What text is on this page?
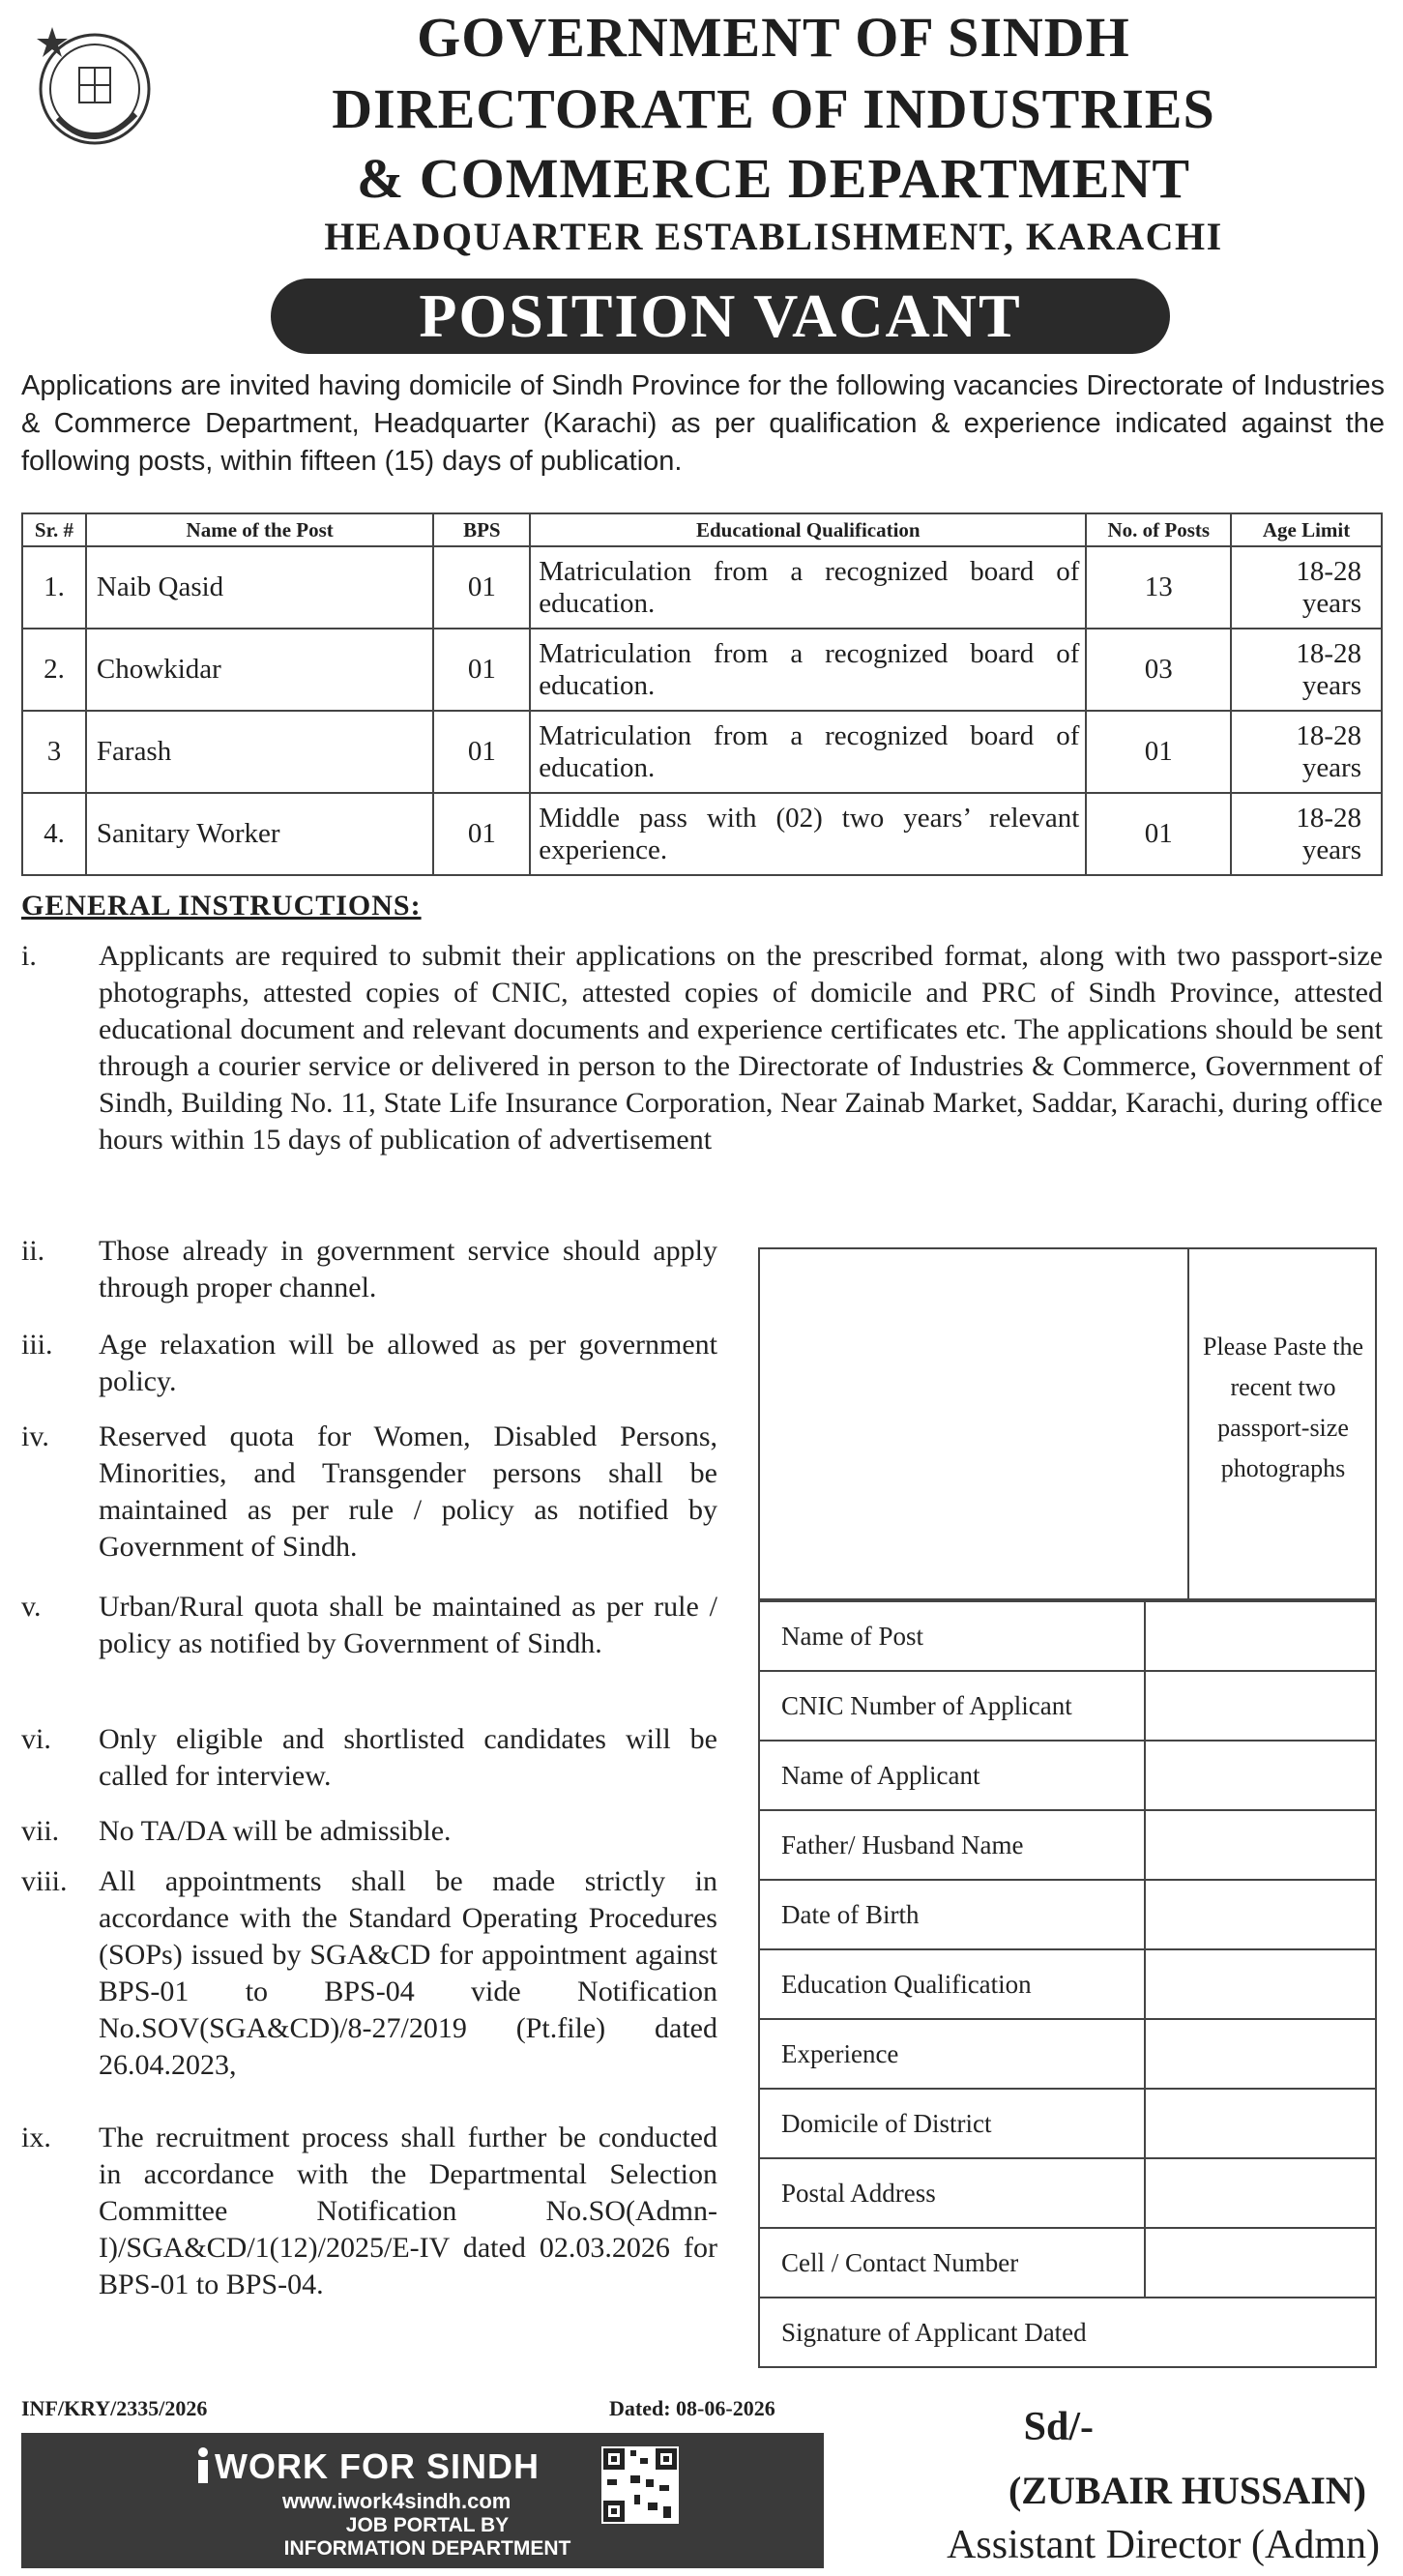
GOVERNMENT OF SINDH
DIRECTORATE OF INDUSTRIES
& COMMERCE DEPARTMENT
HEADQUARTER ESTABLISHMENT, KARACHI
POSITION VACANT
Applications are invited having domicile of Sindh Province for the following vacancies Directorate of Industries & Commerce Department, Headquarter (Karachi) as per qualification & experience indicated against the following posts, within fifteen (15) days of publication.
Sr. #	Name of the Post	BPS	Educational Qualification	No. of Posts	Age Limit
1.	Naib Qasid	01	Matriculation from a recognized board of education.	13	18-28
years

2.	Chowkidar	01	Matriculation from a recognized board of education.	03	18-28
years

3	Farash	01	Matriculation from a recognized board of education.	01	18-28
years

4.	Sanitary Worker	01	Middle pass with (02) two years’ relevant experience.	01	18-28
years
GENERAL INSTRUCTIONS:
i.	Applicants are required to submit their applications on the prescribed format, along with two passport-size photographs, attested copies of CNIC, attested copies of domicile and PRC of Sindh Province, attested educational document and relevant documents and experience certificates etc. The applications should be sent through a courier service or delivered in person to the Directorate of Industries & Commerce, Government of Sindh, Building No. 11, State Life Insurance Corporation, Near Zainab Market, Saddar, Karachi, during office hours within 15 days of publication of advertisement
ii.	Those already in government service should apply through proper channel.
iii.	Age relaxation will be allowed as per government policy.
iv.	Reserved quota for Women, Disabled Persons, Minorities, and Transgender persons shall be maintained as per rule / policy as notified by Government of Sindh.
v.	Urban/Rural quota shall be maintained as per rule / policy as notified by Government of Sindh.
vi.	Only eligible and shortlisted candidates will be called for interview.
vii.	No TA/DA will be admissible.
viii.	All appointments shall be made strictly in accordance with the Standard Operating Procedures (SOPs) issued by SGA&CD for appointment against BPS-01 to BPS-04 vide Notification No.SOV(SGA&CD)/8-27/2019 (Pt.file) dated 26.04.2023,
ix.	The recruitment process shall further be conducted in accordance with the Departmental Selection Committee Notification No.SO(Admn-I)/SGA&CD/1(12)/2025/E-IV dated 02.03.2026 for BPS-01 to BPS-04.
Please Paste the recent two passport-size photographs
Name of Post	
CNIC Number of Applicant	
Name of Applicant	
Father/ Husband Name	
Date of Birth	
Education Qualification	
Experience	
Domicile of District	
Postal Address	
Cell / Contact Number	
Signature of Applicant Dated	
INF/KRY/2335/2026	Dated: 08-06-2026
WORK FOR SINDH
www.iwork4sindh.com
JOB PORTAL BY
INFORMATION DEPARTMENT
Sd/-
(ZUBAIR HUSSAIN)
Assistant Director (Admn)
